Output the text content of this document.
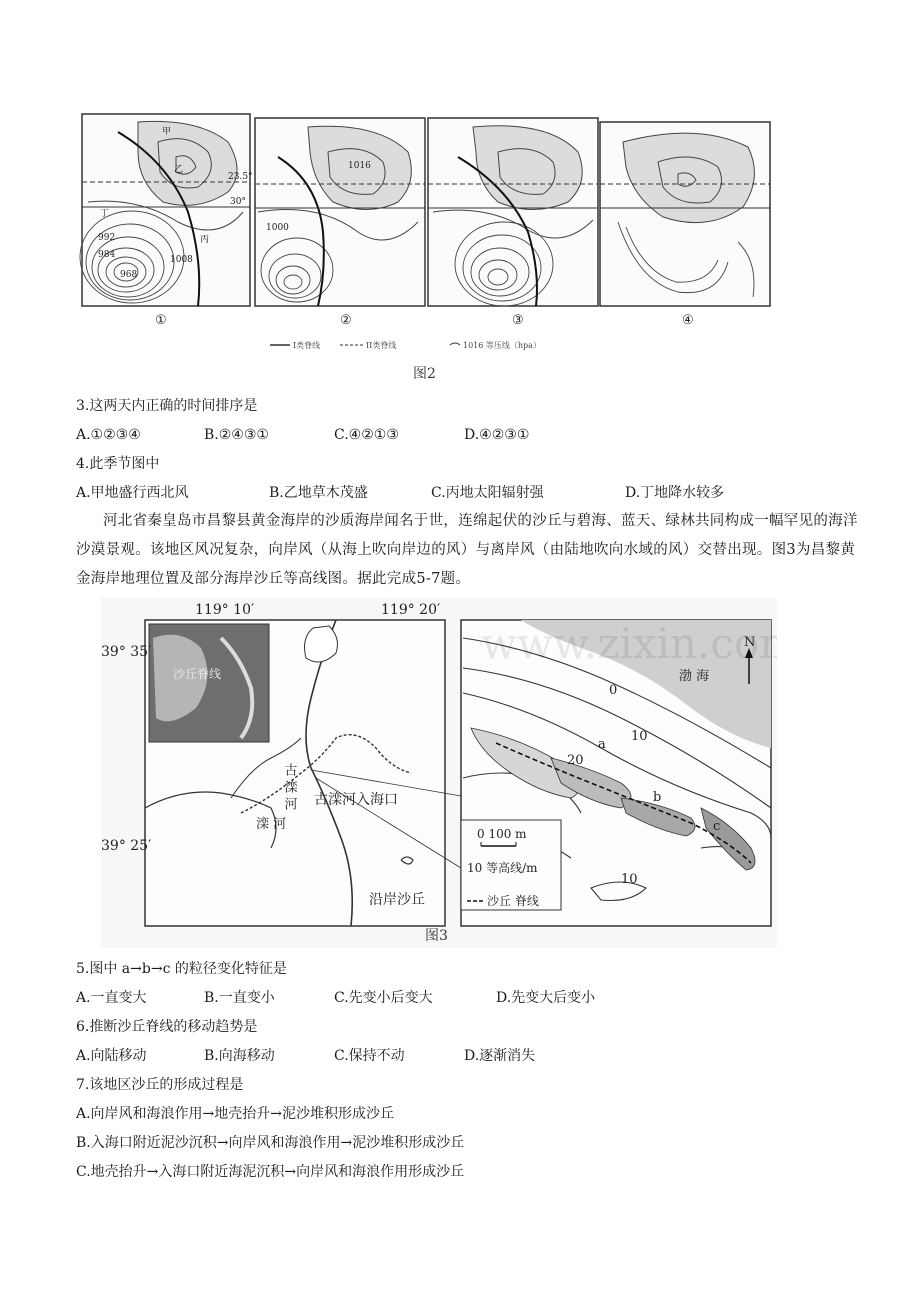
甲
乙
丙
丁
23.5°
30°
1016
1008
1000
992
984
968
①	②	③	④
I类脊线	II类脊线	1016 等压线（hpa）
图2
3.这两天内正确的时间排序是
A.①②③④	B.②④③①	C.④②①③	D.④②③①
4.此季节图中
A.甲地盛行西北风	B.乙地草木茂盛	C.丙地太阳辐射强	D.丁地降水较多
河北省秦皇岛市昌黎县黄金海岸的沙质海岸闻名于世，连绵起伏的沙丘与碧海、蓝天、绿林共同构成一幅罕见的海洋沙漠景观。该地区风况复杂，向岸风（从海上吹向岸边的风）与离岸风（由陆地吹向水域的风）交替出现。图3为昌黎黄金海岸地理位置及部分海岸沙丘等高线图。据此完成5-7题。
119° 10′	119° 20′
39° 35′
39° 25′
古滦河入海口
沿岸沙丘
古 滦 河
滦 河
沙丘脊线	渤 海
N
0
10
20
10
a
b
c
0 100 m
10 等高线/m
沙丘 脊线
www.zixin.co
图3
5.图中 a→b→c 的粒径变化特征是
A.一直变大	B.一直变小	C.先变小后变大	D.先变大后变小
6.推断沙丘脊线的移动趋势是
A.向陆移动	B.向海移动	C.保持不动	D.逐渐消失
7.该地区沙丘的形成过程是
A.向岸风和海浪作用→地壳抬升→泥沙堆积形成沙丘
B.入海口附近泥沙沉积→向岸风和海浪作用→泥沙堆积形成沙丘
C.地壳抬升→入海口附近海泥沉积→向岸风和海浪作用形成沙丘
